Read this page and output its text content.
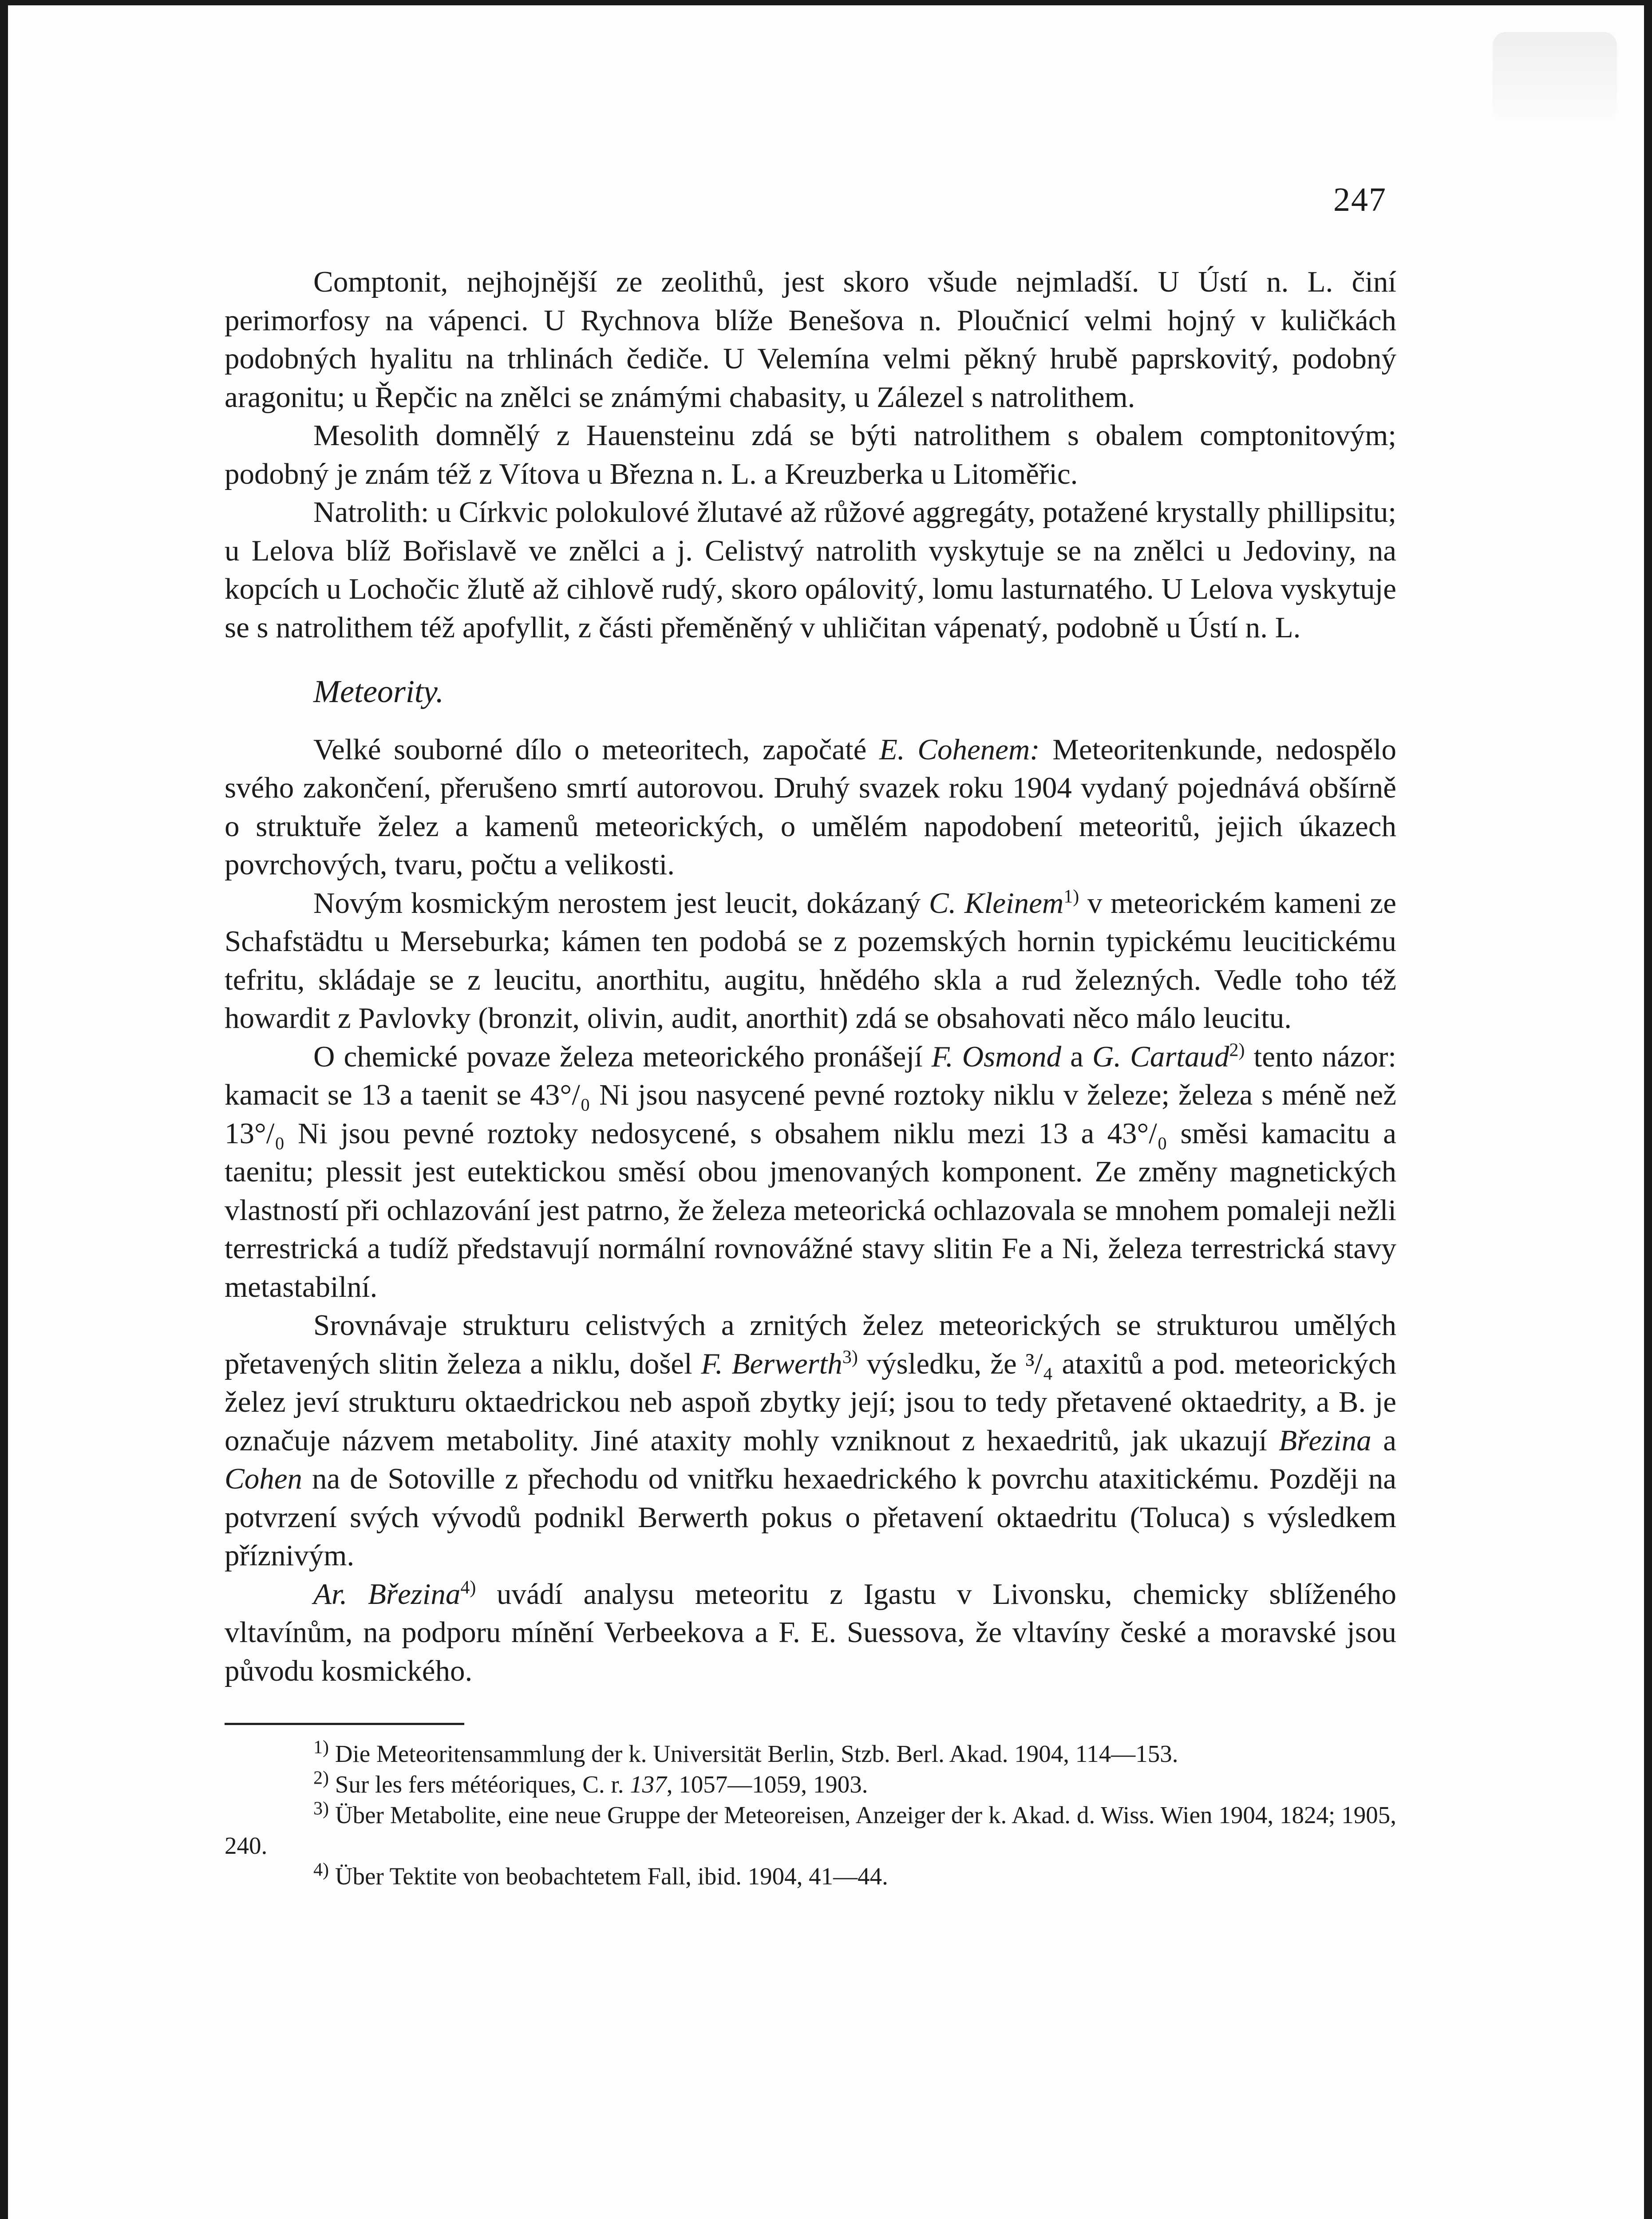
247

Comptonit, nejhojnější ze zeolithů, jest skoro všude nejmladší. U Ústí n. L. činí perimorfosy na vápenci. U Rychnova blíže Benešova n. Ploučnicí velmi hojný v kuličkách podobných hyalitu na trhlinách čediče. U Velemína velmi pěkný hrubě paprskovitý, podobný aragonitu; u Řepčic na znělci se známými chabasity, u Zálezel s natrolithem.

Mesolith domnělý z Hauensteinu zdá se býti natrolithem s obalem comptonitovým; podobný je znám též z Vítova u Března n. L. a Kreuzberka u Litoměřic.

Natrolith: u Církvic polokulové žlutavé až růžové aggregáty, potažené krystally phillipsitu; u Lelova blíž Bořislavě ve znělci a j. Celistvý natrolith vyskytuje se na znělci u Jedoviny, na kopcích u Lochočic žlutě až cihlově rudý, skoro opálovitý, lomu lasturnatého. U Lelova vyskytuje se s natrolithem též apofyllit, z části přeměněný v uhličitan vápenatý, podobně u Ústí n. L.

Meteority.

Velké souborné dílo o meteoritech, započaté E. Cohenem: Meteoritenkunde, nedospělo svého zakončení, přerušeno smrtí autorovou. Druhý svazek roku 1904 vydaný pojednává obšírně o struktuře želez a kamenů meteorických, o umělém napodobení meteoritů, jejich úkazech povrchových, tvaru, počtu a velikosti.

Novým kosmickým nerostem jest leucit, dokázaný C. Kleinem$^{1)}$ v meteorickém kameni ze Schafstädtu u Merseburka; kámen ten podobá se z pozemských hornin typickému leucitickému tefritu, skládaje se z leucitu, anorthitu, augitu, hnědého skla a rud železných. Vedle toho též howardit z Pavlovky (bronzit, olivin, audit, anorthit) zdá se obsahovati něco málo leucitu.

O chemické povaze železa meteorického pronášejí F. Osmond a G. Cartaud$^{2)}$ tento názor: kamacit se 13 a taenit se 43°/₀ Ni jsou nasycené pevné roztoky niklu v železe; železa s méně než 13°/₀ Ni jsou pevné roztoky nedosycené, s obsahem niklu mezi 13 a 43°/₀ směsi kamacitu a taenitu; plessit jest eutektickou směsí obou jmenovaných komponent. Ze změny magnetických vlastností při ochlazování jest patrno, že železa meteorická ochlazovala se mnohem pomaleji nežli terrestrická a tudíž představují normální rovnovážné stavy slitin Fe a Ni, železa terrestrická stavy metastabilní.

Srovnávaje strukturu celistvých a zrnitých želez meteorických se strukturou umělých přetavených slitin železa a niklu, došel F. Berwerth$^{3)}$ výsledku, že ³/₄ ataxitů a pod. meteorických želez jeví strukturu oktaedrickou neb aspoň zbytky její; jsou to tedy přetavené oktaedrity, a B. je označuje názvem metabolity. Jiné ataxity mohly vzniknout z hexaedritů, jak ukazují Březina a Cohen na de Sotoville z přechodu od vnitřku hexaedrického k povrchu ataxitickému. Později na potvrzení svých vývodů podnikl Berwerth pokus o přetavení oktaedritu (Toluca) s výsledkem příznivým.

Ar. Březina$^{4)}$ uvádí analysu meteoritu z Igastu v Livonsku, chemicky sblíženého vltavínům, na podporu mínění Verbeekova a F. E. Suessova, že vltavíny české a moravské jsou původu kosmického.

$^{1)}$ Die Meteoritensammlung der k. Universität Berlin, Stzb. Berl. Akad. 1904, 114—153.

$^{2)}$ Sur les fers météoriques, C. r. 137, 1057—1059, 1903.

$^{3)}$ Über Metabolite, eine neue Gruppe der Meteoreisen, Anzeiger der k. Akad. d. Wiss. Wien 1904, 1824; 1905, 240.

$^{4)}$ Über Tektite von beobachtetem Fall, ibid. 1904, 41—44.
